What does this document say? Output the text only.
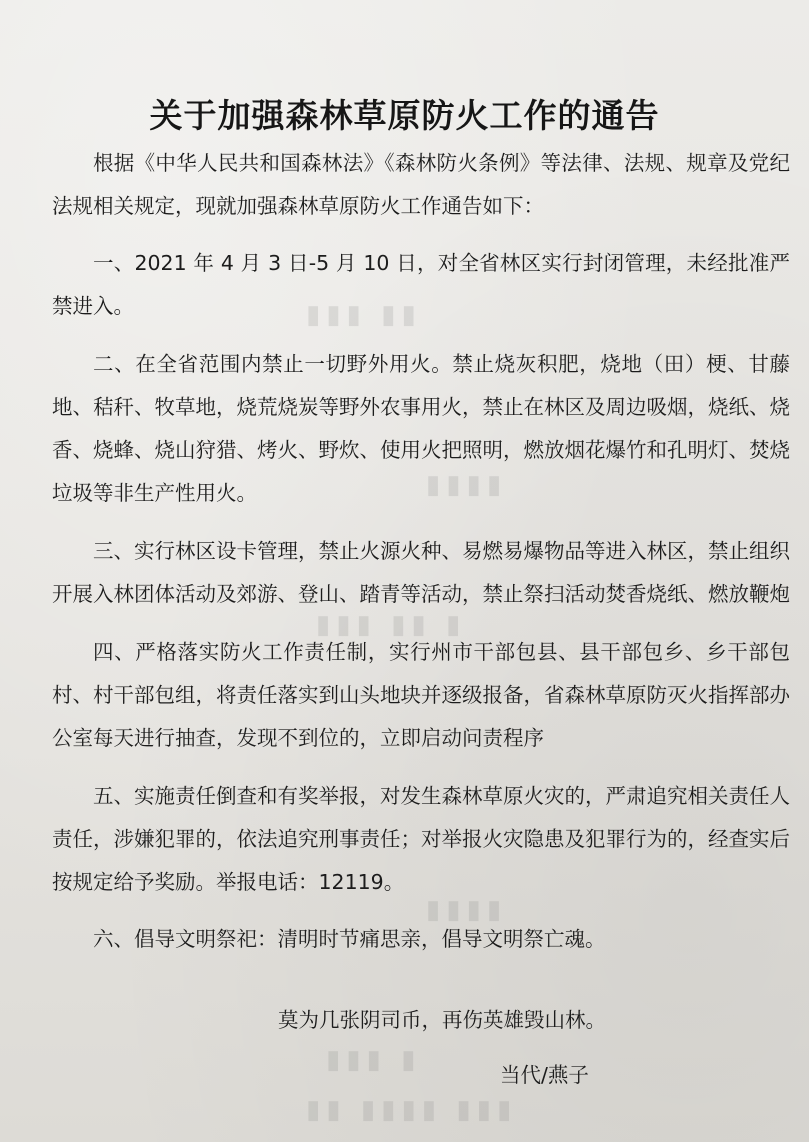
▮▮ ▮▮▮
▮▮▮▮
▮ ▮▮ ▮▮▮
▮▮▮▮
▮ ▮▮▮
▮▮▮ ▮▮▮▮ ▮▮
关于加强森林草原防火工作的通告

根据《中华人民共和国森林法》《森林防火条例》等法律、法规、规章及党纪法规相关规定，现就加强森林草原防火工作通告如下：

一、2021 年 4 月 3 日-5 月 10 日，对全省林区实行封闭管理，未经批准严禁进入。

二、在全省范围内禁止一切野外用火。禁止烧灰积肥，烧地（田）梗、甘藤地、秸秆、牧草地，烧荒烧炭等野外农事用火，禁止在林区及周边吸烟，烧纸、烧香、烧蜂、烧山狩猎、烤火、野炊、使用火把照明，燃放烟花爆竹和孔明灯、焚烧垃圾等非生产性用火。

三、实行林区设卡管理，禁止火源火种、易燃易爆物品等进入林区，禁止组织开展入林团体活动及郊游、登山、踏青等活动，禁止祭扫活动焚香烧纸、燃放鞭炮

四、严格落实防火工作责任制，实行州市干部包县、县干部包乡、乡干部包村、村干部包组，将责任落实到山头地块并逐级报备，省森林草原防灭火指挥部办公室每天进行抽查，发现不到位的，立即启动问责程序

五、实施责任倒查和有奖举报，对发生森林草原火灾的，严肃追究相关责任人责任，涉嫌犯罪的，依法追究刑事责任；对举报火灾隐患及犯罪行为的，经查实后按规定给予奖励。举报电话：12119。

六、倡导文明祭祀：清明时节痛思亲，倡导文明祭亡魂。

莫为几张阴司币，再伤英雄毁山林。
当代/燕子
